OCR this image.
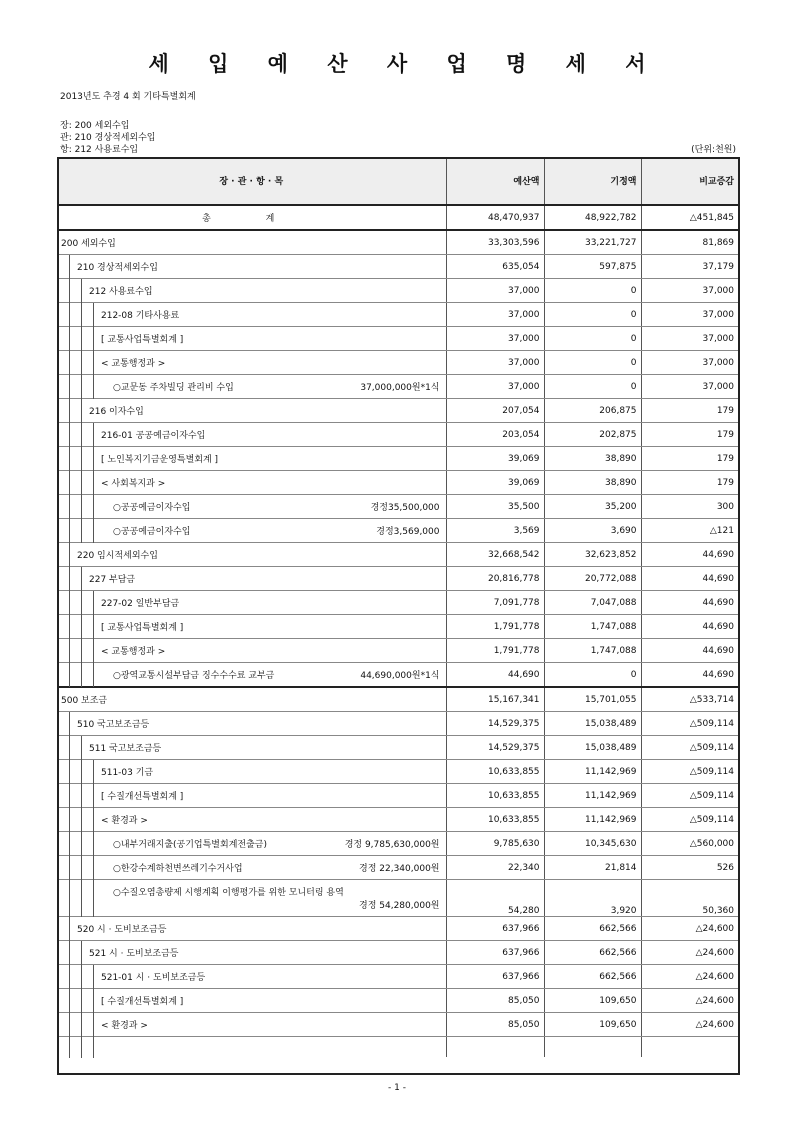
세 입 예 산 사 업 명 세 서
2013년도 추경 4 회 기타특별회계
장: 200 세외수입
관: 210 경상적세외수입
항: 212 사용료수입	(단위:천원)
장 · 관 · 항 · 목	예산액	기정액	비교증감
총 계	48,470,937	48,922,782	△451,845

200 세외수입	33,303,596	33,221,727	81,869

210 경상적세외수입	635,054	597,875	37,179

212 사용료수입	37,000	0	37,000

212-08 기타사용료	37,000	0	37,000

[ 교통사업특별회계 ]	37,000	0	37,000

< 교통행정과 >	37,000	0	37,000

○교문동 주차빌딩 관리비 수입 37,000,000원*1식	37,000	0	37,000

216 이자수입	207,054	206,875	179

216-01 공공예금이자수입	203,054	202,875	179

[ 노인복지기금운영특별회계 ]	39,069	38,890	179

< 사회복지과 >	39,069	38,890	179

○공공예금이자수입 경정35,500,000	35,500	35,200	300

○공공예금이자수입 경정3,569,000	3,569	3,690	△121

220 임시적세외수입	32,668,542	32,623,852	44,690

227 부담금	20,816,778	20,772,088	44,690

227-02 일반부담금	7,091,778	7,047,088	44,690

[ 교통사업특별회계 ]	1,791,778	1,747,088	44,690

< 교통행정과 >	1,791,778	1,747,088	44,690

○광역교통시설부담금 징수수수료 교부금 44,690,000원*1식	44,690	0	44,690

500 보조금	15,167,341	15,701,055	△533,714

510 국고보조금등	14,529,375	15,038,489	△509,114

511 국고보조금등	14,529,375	15,038,489	△509,114

511-03 기금	10,633,855	11,142,969	△509,114

[ 수질개선특별회계 ]	10,633,855	11,142,969	△509,114

< 환경과 >	10,633,855	11,142,969	△509,114

○내부거래지출(공기업특별회계전출금) 경정 9,785,630,000원	9,785,630	10,345,630	△560,000

○한강수계하천변쓰레기수거사업 경정 22,340,000원	22,340	21,814	526

○수질오염총량제 시행계획 이행평가를 위한 모니터링 용역
경정 54,280,000원	54,280	3,920	50,360

520 시 · 도비보조금등	637,966	662,566	△24,600

521 시 · 도비보조금등	637,966	662,566	△24,600

521-01 시 · 도비보조금등	637,966	662,566	△24,600

[ 수질개선특별회계 ]	85,050	109,650	△24,600

< 환경과 >	85,050	109,650	△24,600

- 1 -
